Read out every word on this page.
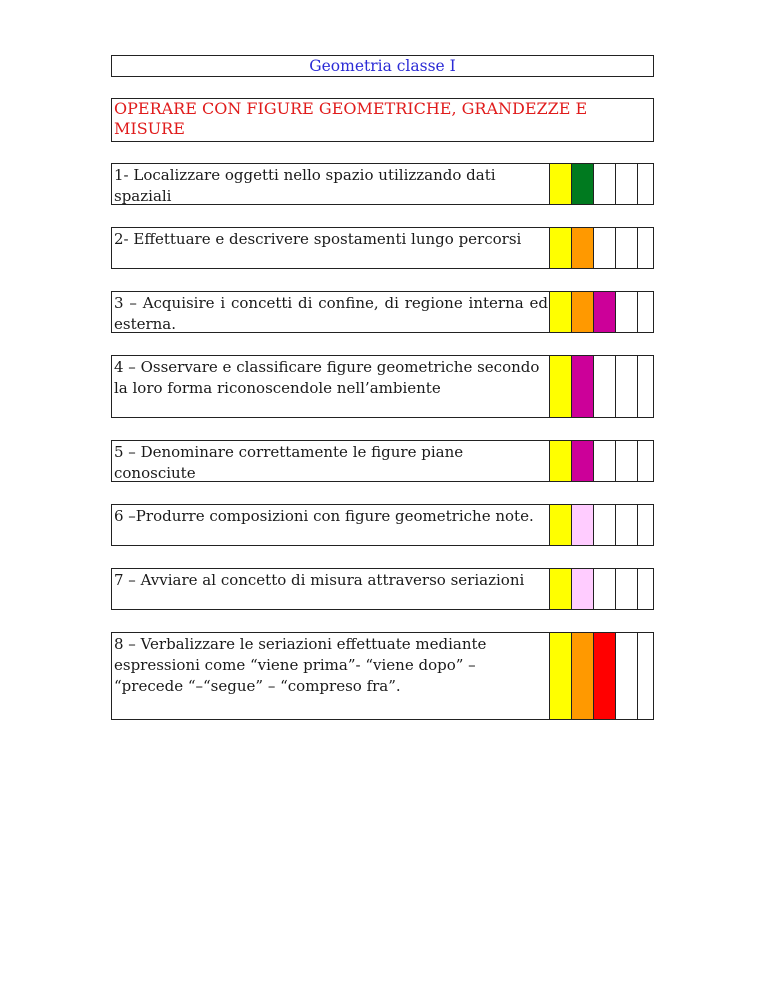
Geometria classe I
OPERARE CON FIGURE GEOMETRICHE, GRANDEZZE E MISURE
1- Localizzare oggetti nello spazio utilizzando dati spaziali
2- Effettuare e descrivere spostamenti lungo percorsi
3 – Acquisire i concetti di confine, di regione interna ed esterna.
4 – Osservare e classificare figure geometriche secondo la loro forma riconoscendole nell’ambiente
5 – Denominare correttamente le figure piane conosciute
6 –Produrre composizioni con figure geometriche note.
7 – Avviare al concetto di misura attraverso seriazioni
8 – Verbalizzare le seriazioni effettuate mediante espressioni come “viene prima”- “viene dopo” – “precede “–“segue” – “compreso fra”.
